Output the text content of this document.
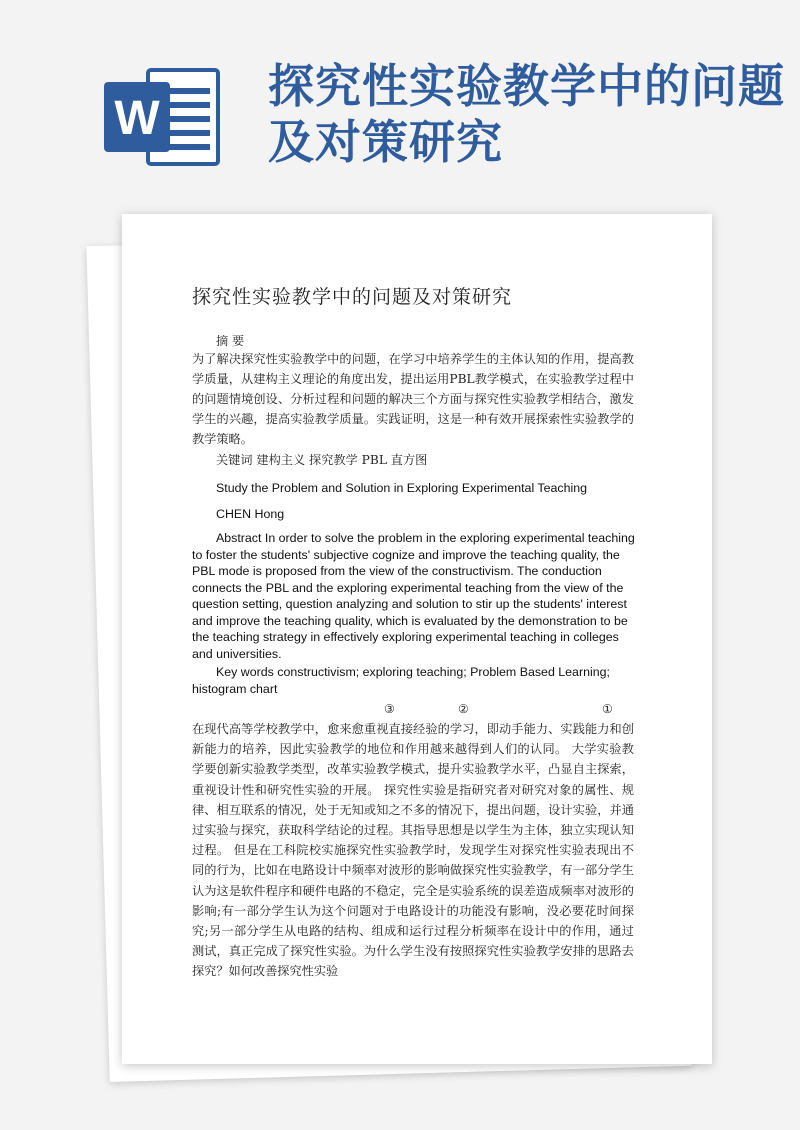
W
探究性实验教学中的问题及对策研究
探究性实验教学中的问题及对策研究
摘 要
为了解决探究性实验教学中的问题，在学习中培养学生的主体认知的作用，提高教学质量，从建构主义理论的角度出发，提出运用PBL教学模式，在实验教学过程中的问题情境创设、分析过程和问题的解决三个方面与探究性实验教学相结合，激发学生的兴趣，提高实验教学质量。实践证明，这是一种有效开展探索性实验教学的教学策略。
关键词 建构主义 探究教学 PBL 直方图
Study the Problem and Solution in Exploring Experimental Teaching
CHEN Hong
Abstract In order to solve the problem in the exploring experimental teaching to foster the students' subjective cognize and improve the teaching quality, the PBL mode is proposed from the view of the constructivism. The conduction connects the PBL and the exploring experimental teaching from the view of the question setting, question analyzing and solution to stir up the students' interest and improve the teaching quality, which is evaluated by the demonstration to be the teaching strategy in effectively exploring experimental teaching in colleges and universities.
Key words constructivism; exploring teaching; Problem Based Learning; histogram chart
③	②	①
在现代高等学校教学中，愈来愈重视直接经验的学习，即动手能力、实践能力和创新能力的培养，因此实验教学的地位和作用越来越得到人们的认同。 大学实验教学要创新实验教学类型，改革实验教学模式，提升实验教学水平，凸显自主探索，重视设计性和研究性实验的开展。 探究性实验是指研究者对研究对象的属性、规律、相互联系的情况，处于无知或知之不多的情况下，提出问题，设计实验，并通过实验与探究，获取科学结论的过程。其指导思想是以学生为主体，独立实现认知过程。 但是在工科院校实施探究性实验教学时，发现学生对探究性实验表现出不同的行为，比如在电路设计中频率对波形的影响做探究性实验教学，有一部分学生认为这是软件程序和硬件电路的不稳定，完全是实验系统的误差造成频率对波形的影响;有一部分学生认为这个问题对于电路设计的功能没有影响，没必要花时间探究;另一部分学生从电路的结构、组成和运行过程分析频率在设计中的作用，通过测试，真正完成了探究性实验。为什么学生没有按照探究性实验教学安排的思路去探究？如何改善探究性实验
